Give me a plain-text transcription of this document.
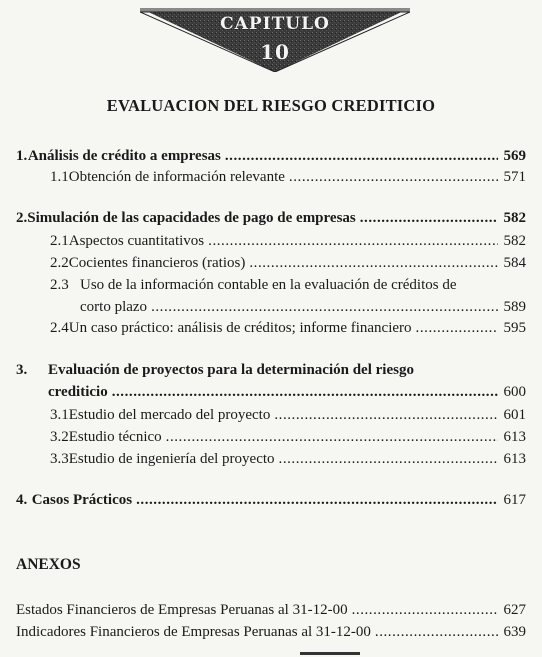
CAPITULO
10
EVALUACION DEL RIESGO CREDITICIO
1. Análisis de crédito a empresas . . .	569
1.1 Obtención de información relevante . . .	571
2. Simulación de las capacidades de pago de empresas . . .	582
2.1 Aspectos cuantitativos . . .	582
2.2 Cocientes financieros (ratios) . . .	584
2.3 Uso de la información contable en la evaluación de créditos de
corto plazo . . .	589
2.4 Un caso práctico: análisis de créditos; informe financiero . . .	595
3.	Evaluación de proyectos para la determinación del riesgo
crediticio . . .	600
3.1 Estudio del mercado del proyecto . . .	601
3.2 Estudio técnico . . .	613
3.3 Estudio de ingeniería del proyecto . . .	613
4. Casos Prácticos . . .	617
ANEXOS
Estados Financieros de Empresas Peruanas al 31-12-00 . . .	627
Indicadores Financieros de Empresas Peruanas al 31-12-00 . . .	639
